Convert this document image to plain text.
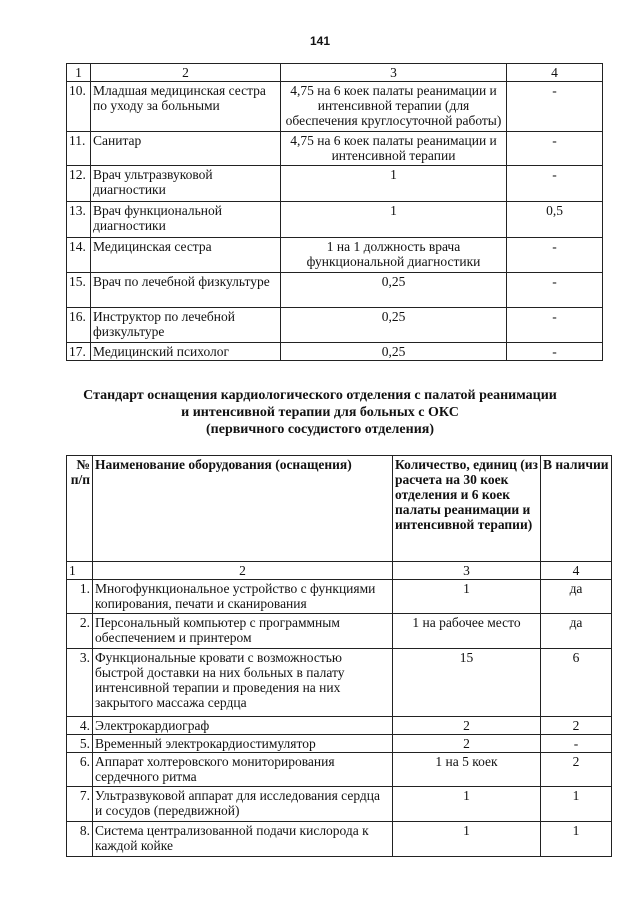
141
1	2	3	4
10.	Младшая медицинская сестра по уходу за больными	4,75 на 6 коек палаты реанимации и интенсивной терапии (для обеспечения круглосуточной работы)	-
11.	Санитар	4,75 на 6 коек палаты реанимации и интенсивной терапии	-
12.	Врач ультразвуковой диагностики	1	-
13.	Врач функциональной диагностики	1	0,5
14.	Медицинская сестра	1 на 1 должность врача функциональной диагностики	-
15.	Врач по лечебной физкультуре	0,25	-
16.	Инструктор по лечебной физкультуре	0,25	-
17.	Медицинский психолог	0,25	-
Стандарт оснащения кардиологического отделения с палатой реанимации
и интенсивной терапии для больных с ОКС
(первичного сосудистого отделения)
№ п/п	Наименование оборудования (оснащения)	Количество, единиц (из расчета на 30 коек отделения и 6 коек палаты реанимации и интенсивной терапии)	В наличии
1	2	3	4
1.	Многофункциональное устройство с функциями копирования, печати и сканирования	1	да
2.	Персональный компьютер с программным обеспечением и принтером	1 на рабочее место	да
3.	Функциональные кровати с возможностью быстрой доставки на них больных в палату интенсивной терапии и проведения на них закрытого массажа сердца	15	6
4.	Электрокардиограф	2	2
5.	Временный электрокардиостимулятор	2	-
6.	Аппарат холтеровского мониторирования сердечного ритма	1 на 5 коек	2
7.	Ультразвуковой аппарат для исследования сердца и сосудов (передвижной)	1	1
8.	Система централизованной подачи кислорода к каждой койке	1	1
